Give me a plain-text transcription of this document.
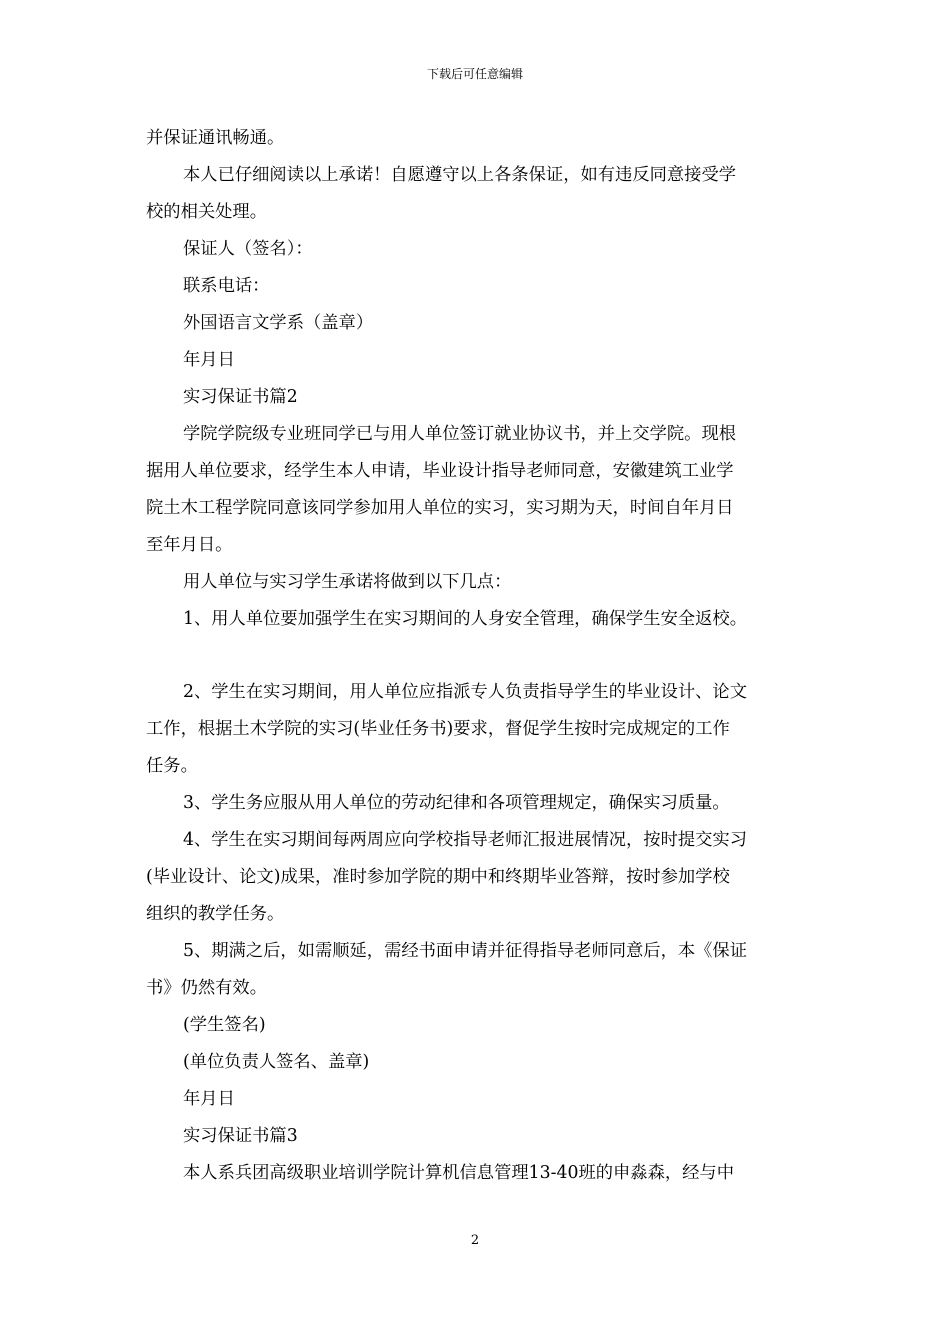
下载后可任意编辑
并保证通讯畅通。
本人已仔细阅读以上承诺！自愿遵守以上各条保证，如有违反同意接受学
校的相关处理。
保证人（签名）：
联系电话：
外国语言文学系（盖章）
年月日
实习保证书篇2
学院学院级专业班同学已与用人单位签订就业协议书，并上交学院。现根
据用人单位要求，经学生本人申请，毕业设计指导老师同意，安徽建筑工业学
院土木工程学院同意该同学参加用人单位的实习，实习期为天，时间自年月日
至年月日。
用人单位与实习学生承诺将做到以下几点：
1、用人单位要加强学生在实习期间的人身安全管理，确保学生安全返校。
2、学生在实习期间，用人单位应指派专人负责指导学生的毕业设计、论文
工作，根据土木学院的实习(毕业任务书)要求，督促学生按时完成规定的工作
任务。
3、学生务应服从用人单位的劳动纪律和各项管理规定，确保实习质量。
4、学生在实习期间每两周应向学校指导老师汇报进展情况，按时提交实习
(毕业设计、论文)成果，准时参加学院的期中和终期毕业答辩，按时参加学校
组织的教学任务。
5、期满之后，如需顺延，需经书面申请并征得指导老师同意后，本《保证
书》仍然有效。
(学生签名)
(单位负责人签名、盖章)
年月日
实习保证书篇3
本人系兵团高级职业培训学院计算机信息管理13-40班的申淼森，经与中
2
